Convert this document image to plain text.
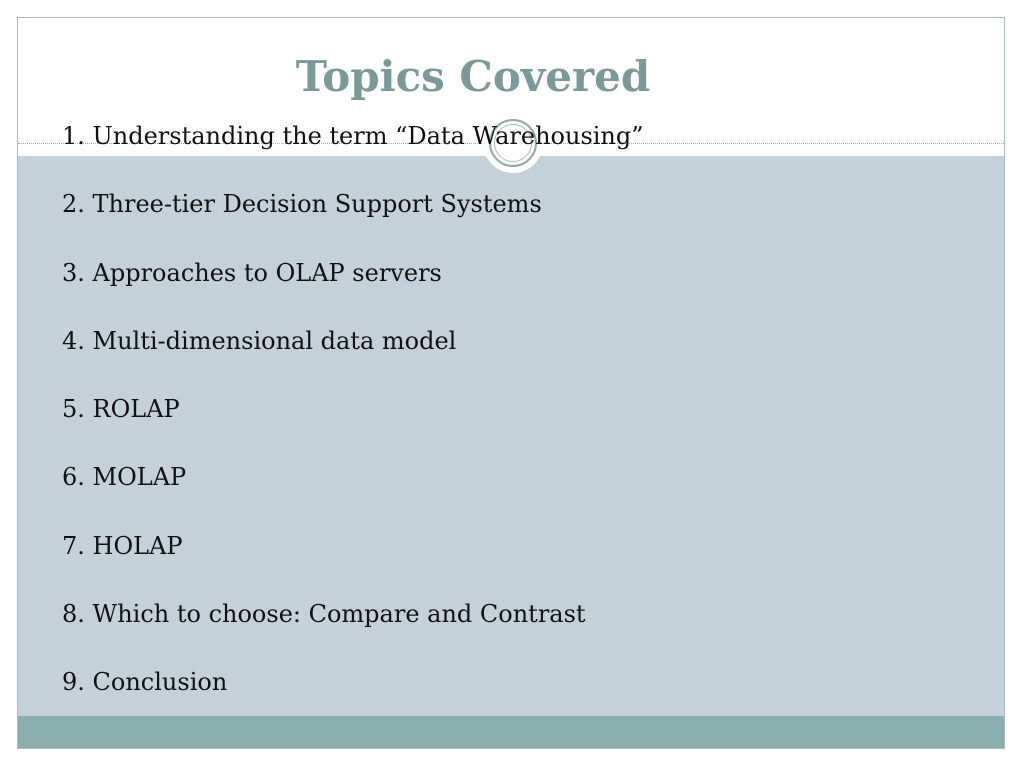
Topics Covered
1. Understanding the term “Data Warehousing”
2. Three-tier Decision Support Systems
3. Approaches to OLAP servers
4. Multi-dimensional data model
5. ROLAP
6. MOLAP
7. HOLAP
8. Which to choose: Compare and Contrast
9. Conclusion
